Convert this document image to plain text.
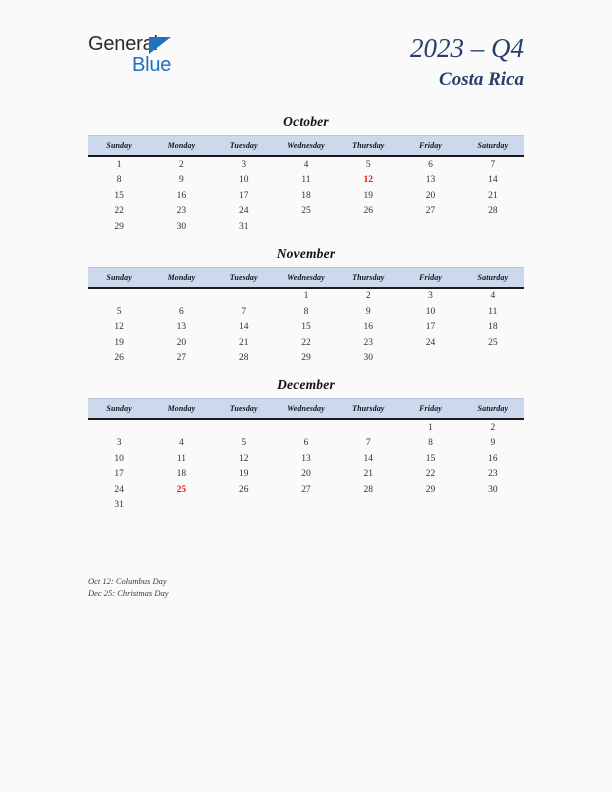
General
Blue
2023 – Q4
Costa Rica
October
Sunday	Monday	Tuesday	Wednesday	Thursday	Friday	Saturday
1	2	3	4	5	6	7
8	9	10	11	12	13	14
15	16	17	18	19	20	21
22	23	24	25	26	27	28
29	30	31				
November
Sunday	Monday	Tuesday	Wednesday	Thursday	Friday	Saturday
			1	2	3	4
5	6	7	8	9	10	11
12	13	14	15	16	17	18
19	20	21	22	23	24	25
26	27	28	29	30		
December
Sunday	Monday	Tuesday	Wednesday	Thursday	Friday	Saturday
					1	2
3	4	5	6	7	8	9
10	11	12	13	14	15	16
17	18	19	20	21	22	23
24	25	26	27	28	29	30
31						
Oct 12: Columbus Day
Dec 25: Christmas Day
